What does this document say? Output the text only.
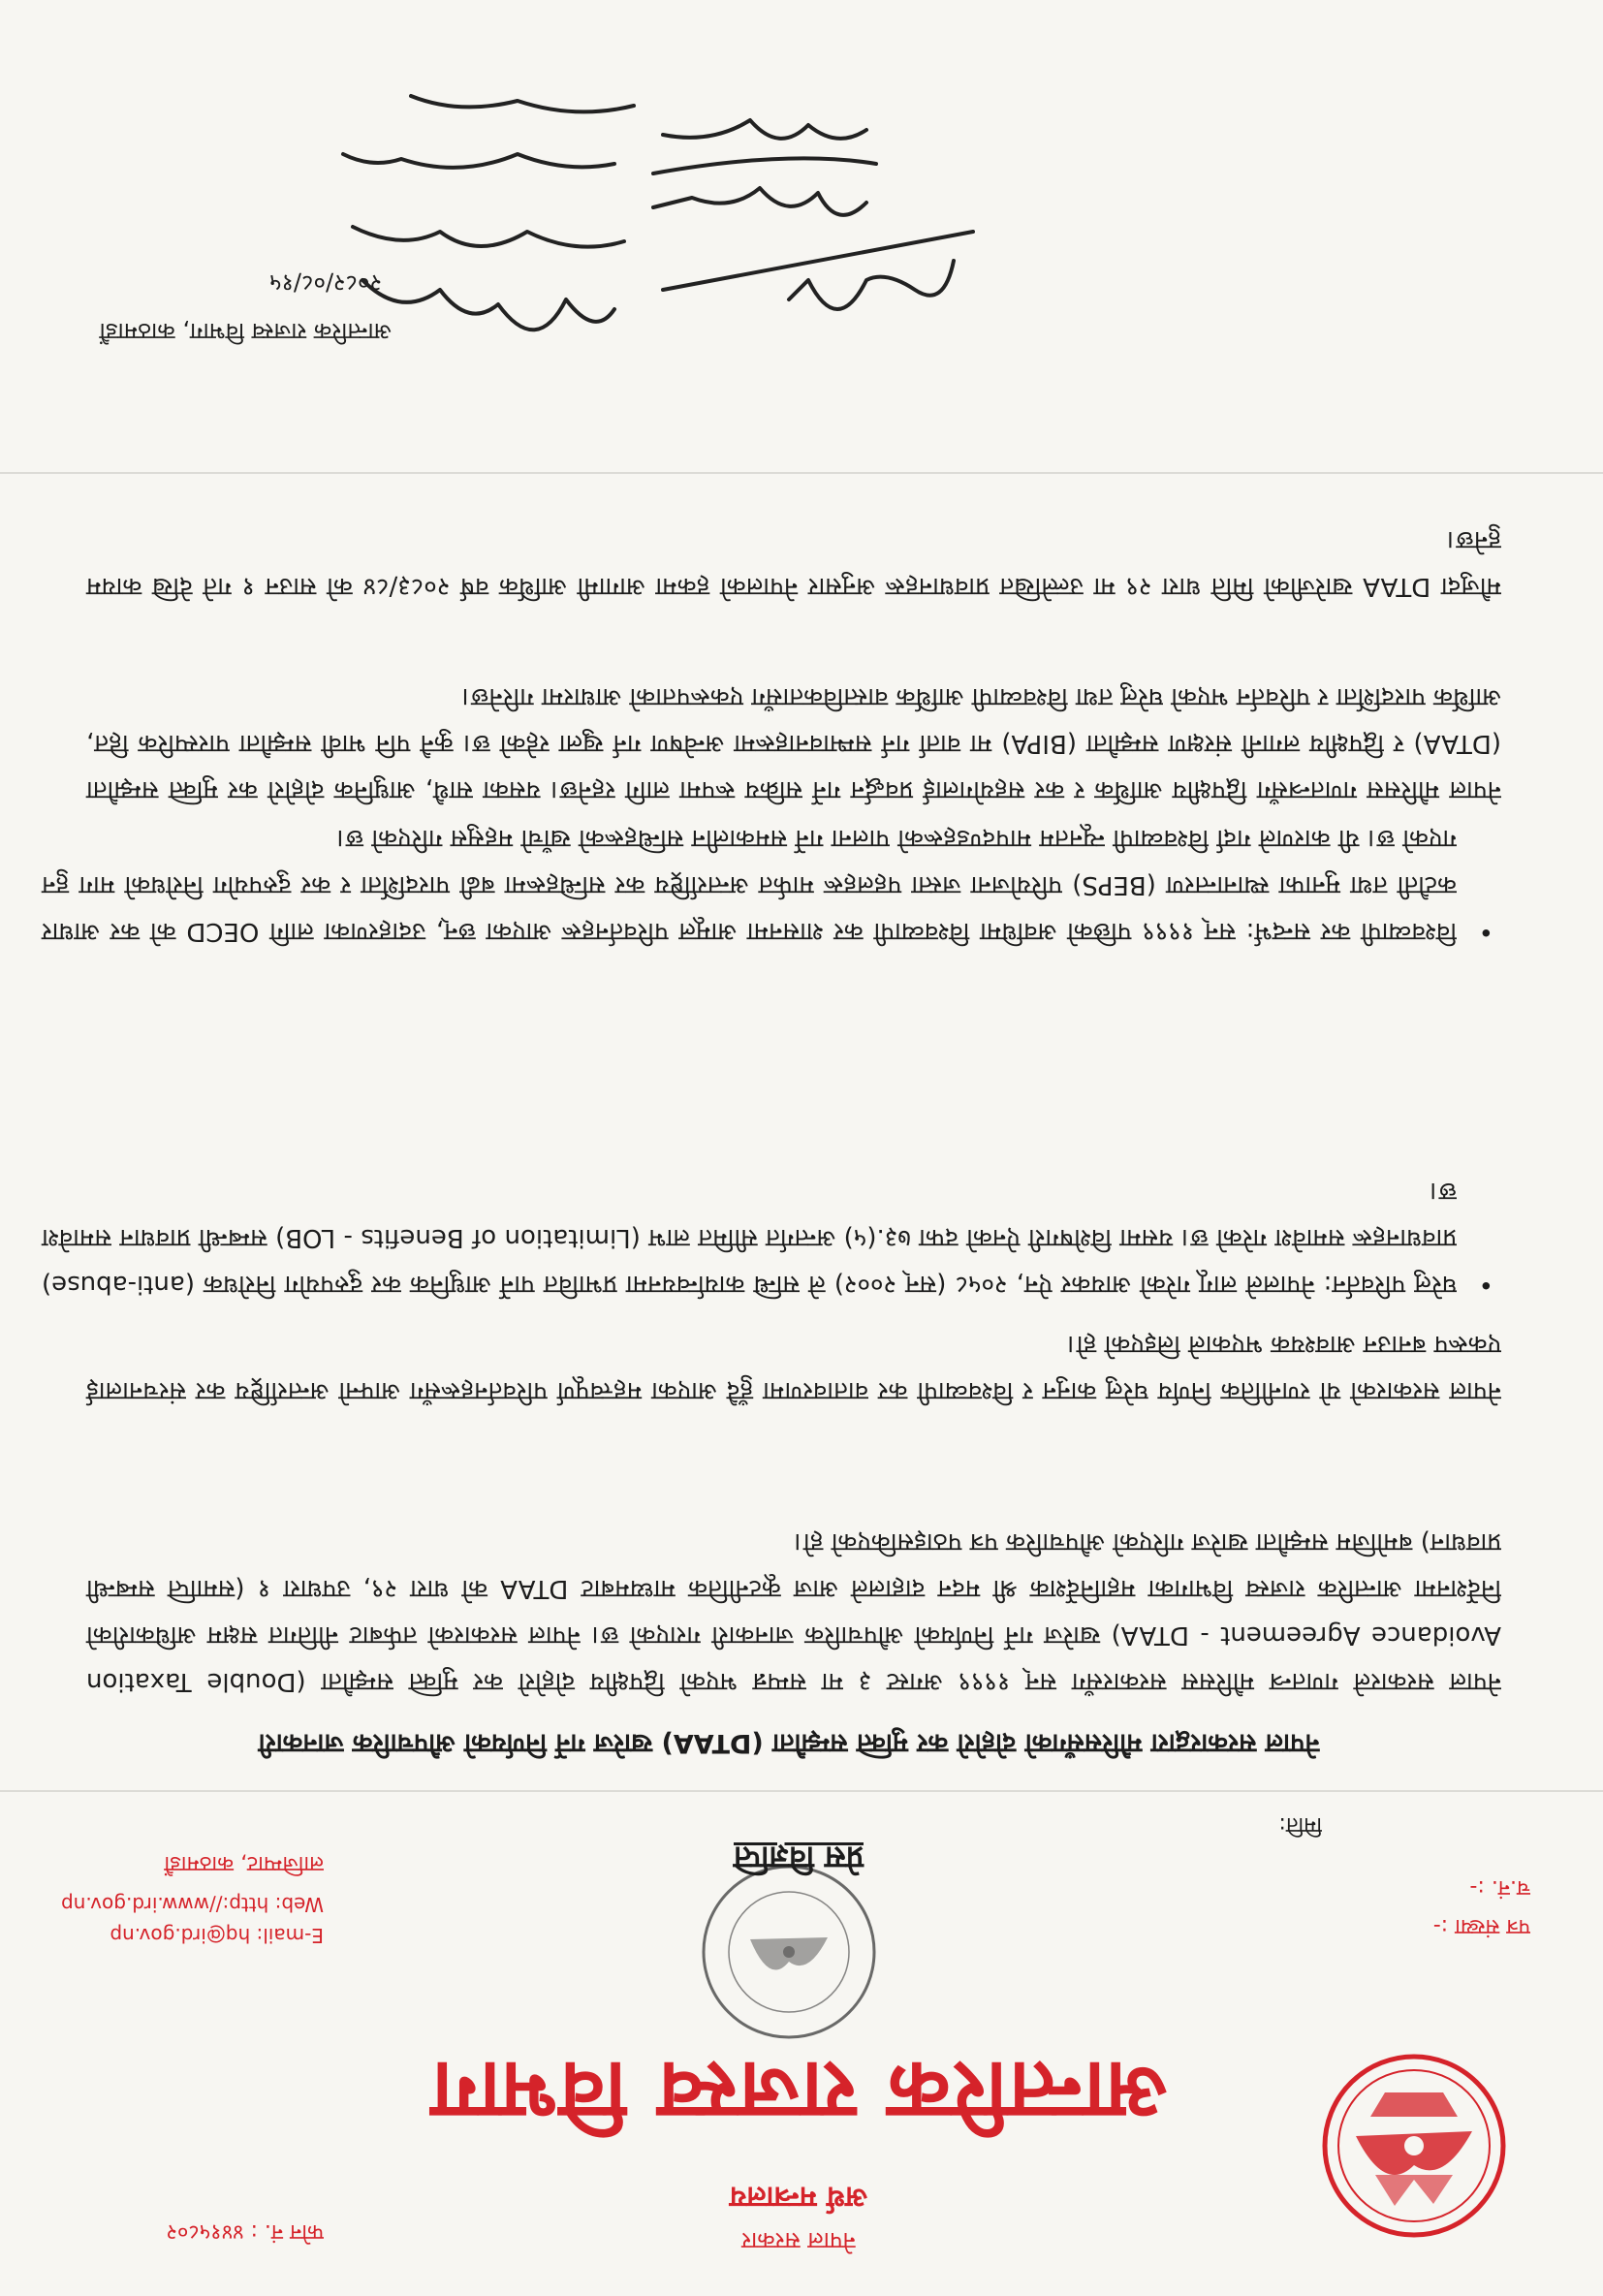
नेपाल सरकार
अर्थ मन्त्रालय
आन्तरिक राजस्व विभाग
फोन नं. : ४४१५८०२
E-mail: hq@ird.gov.np
Web: http://www.ird.gov.np
लाजिम्पाट, काठमाडौं
पत्र संख्या :-
च.नं. :-
प्रेस विज्ञप्ति
मिति:
नेपाल सरकारद्वारा मौरिससँगको दोहोरो कर मुक्ति सम्झौता (DTAA) खारेज गर्ने निर्णयको औपचारिक जानकारी
नेपाल सरकारले गणतन्त्र मौरिसस सरकारसँग सन् १९९९ अगस्ट ३ मा सम्पन्न भएको द्विपक्षीय दोहोरो कर मुक्ति सम्झौता (Double Taxation Avoidance Agreement - DTAA) खारेज गर्ने निर्णयको औपचारिक जानकारी गराएको छ। नेपाल सरकारको तर्फबाट नीतिगत सक्षम अधिकारीको निर्देशनमा आन्तरिक राजस्व विभागका महानिर्देशक श्री मदन दाहालले आज कूटनीतिक माध्यमबाट DTAA को धारा २९, उपधारा १ (समाप्ति सम्बन्धी प्रावधान) बमोजिम सम्झौता खारेज गरिएको औपचारिक पत्र पठाइसकिएको हो।
नेपाल सरकारको यो रणनीतिक निर्णय घरेलु कानुन र विश्वव्यापी कर वातावरणमा हुँदै आएका महत्त्वपूर्ण परिवर्तनहरूसँग आफ्नो अन्तर्राष्ट्रिय कर संरचनालाई एकरूप बनाउन आवश्यक भएकाले लिइएको हो।
• घरेलु परिवर्तन: नेपालले लागू गरेको आयकर ऐन, २०५८ (सन् २००२) ले सन्धि कार्यान्वयनमा प्रभावित पार्ने आधुनिक कर दुरुपयोग निरोधक (anti-abuse) प्रावधानहरू समावेश गरेको छ। यसमा विशेषगरी ऐनको दफा ७३.(५) अन्तर्गत सीमित लाभ (Limitation of Benefits - LOB) सम्बन्धी प्रावधान समावेश छ।
• विश्वव्यापी कर सन्दर्भ: सन् १९९९ पछिको अवधिमा विश्वव्यापी कर शासनमा आमूल परिवर्तनहरू आएका छन्, उदाहरणका लागि OECD को कर आधार कटौती तथा मुनाफा स्थानान्तरण (BEPS) परियोजना जस्ता पहलहरू मार्फत अन्तर्राष्ट्रिय कर सन्धिहरूमा बढी पारदर्शिता र कर दुरुपयोग निरोधको माग हुन गएको छ। यी कारणले गर्दा विश्वव्यापी न्यूनतम मापदण्डहरूको पालना गर्ने समकालीन सन्धिहरूको खाँचो महसुस गरिएको छ।
नेपाल मौरिसस गणतन्त्रसँग द्विपक्षीय आर्थिक र कर सहयोगलाई प्रवर्द्धन गर्ने सक्रिय रूपमा लागि रहनेछ। यसका साथै, आधुनिक दोहोरो कर मुक्ति सम्झौता (DTAA) र द्विपक्षीय लगानी संरक्षण सम्झौता (BIPA) मा वार्ता गर्न सम्भावनाहरूमा अन्वेषण गर्न खुला रहेको छ। कुनै पनि भावी सम्झौता पारस्परिक हित, आर्थिक पारदर्शिता र परिवर्तन भएको घरेलु तथा विश्वव्यापी आर्थिक वास्तविकतासँग एकरूपताको आधारमा गरिनेछ।
मौजुदा DTAA खारेजीको मिति धारा २९ मा उल्लेखित प्रावधानहरू अनुसार नेपालको हकमा आगामी आर्थिक वर्ष २०८३/८४ को साउन १ गते देखि कायम हुनेछ।
आन्तरिक राजस्व विभाग, काठमाडौं
२०८२/०८/१५
